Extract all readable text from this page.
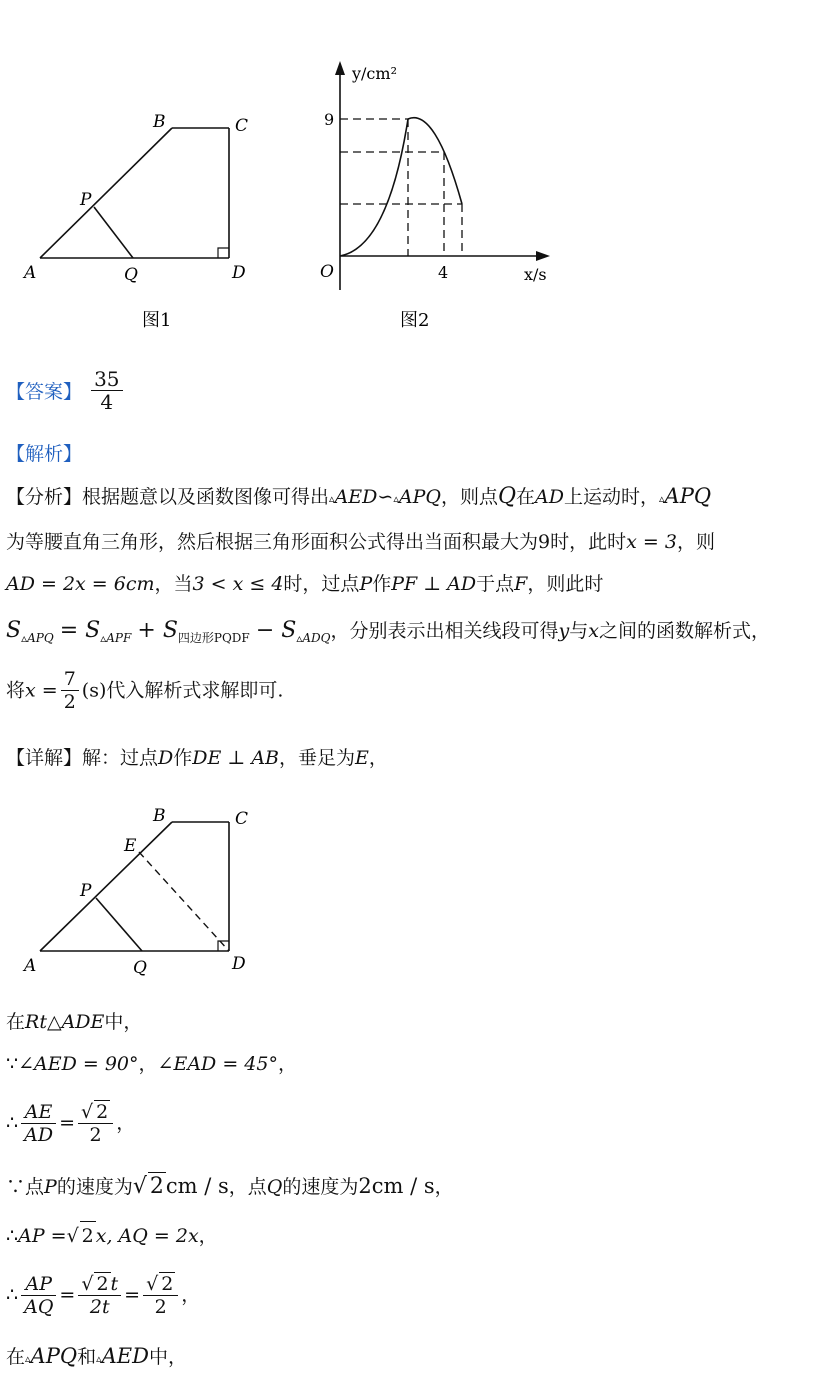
A
B	C
D
P
Q
图1
y/cm²
9
O	4	x/s
图2
【答案】 $\frac{35}{4}$
【解析】
【分析】根据题意以及函数图像可得出▵AED∽▵APQ，则点Q在AD上运动时，▵APQ
为等腰直角三角形，然后根据三角形面积公式得出当面积最大为9时，此时x = 3，则
AD = 2x = 6cm，当3 < x ≤ 4时，过点P作PF ⊥ AD于点F，则此时
$S_{▵APQ} = S_{▵APF} + S_{四边形PQDF} - S_{▵ADQ}$，分别表示出相关线段可得y与x之间的函数解析式，
将$x = \frac{7}{2} (s)$代入解析式求解即可.
【详解】解：过点D作DE ⊥ AB，垂足为E，
A
B	C
D
E
P
Q
在Rt△ADE中，
∵∠AED = 90°，∠EAD = 45°，
∴ $\frac{AE}{AD} = \frac{√ 2}{2}$ ，
∵点P的速度为√ 2cm / s，点Q的速度为2cm / s，
∴AP =√ 2 x, AQ = 2x，
∴ $\frac{AP}{AQ} = \frac{√ 2 t}{2t} = \frac{√ 2}{2}$ ，
在▵APQ和▵AED中，
